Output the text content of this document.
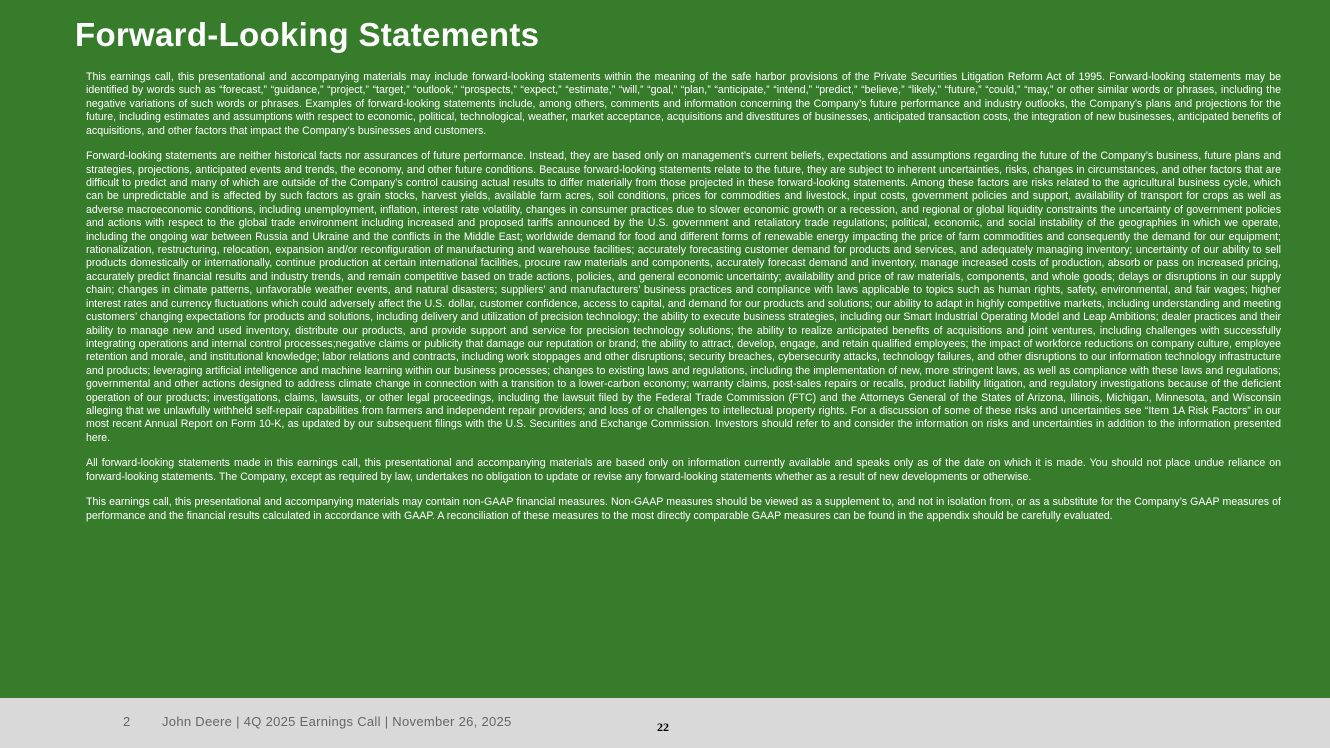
Forward-Looking Statements

This earnings call, this presentational and accompanying materials may include forward-looking statements within the meaning of the safe harbor provisions of the Private Securities Litigation Reform Act of 1995. Forward-looking statements may be identified by words such as “forecast,” “guidance,” “project,” “target,” “outlook,” “prospects,” “expect,” “estimate,” “will,” “goal,” “plan,” “anticipate,” “intend,” “predict,” “believe,” “likely,” “future,” “could,” “may,” or other similar words or phrases, including the negative variations of such words or phrases. Examples of forward-looking statements include, among others, comments and information concerning the Company’s future performance and industry outlooks, the Company’s plans and projections for the future, including estimates and assumptions with respect to economic, political, technological, weather, market acceptance, acquisitions and divestitures of businesses, anticipated transaction costs, the integration of new businesses, anticipated benefits of acquisitions, and other factors that impact the Company’s businesses and customers.

Forward-looking statements are neither historical facts nor assurances of future performance. Instead, they are based only on management’s current beliefs, expectations and assumptions regarding the future of the Company’s business, future plans and strategies, projections, anticipated events and trends, the economy, and other future conditions. Because forward-looking statements relate to the future, they are subject to inherent uncertainties, risks, changes in circumstances, and other factors that are difficult to predict and many of which are outside of the Company’s control causing actual results to differ materially from those projected in these forward-looking statements. Among these factors are risks related to the agricultural business cycle, which can be unpredictable and is affected by such factors as grain stocks, harvest yields, available farm acres, soil conditions, prices for commodities and livestock, input costs, government policies and support, availability of transport for crops as well as adverse macroeconomic conditions, including unemployment, inflation, interest rate volatility, changes in consumer practices due to slower economic growth or a recession, and regional or global liquidity constraints the uncertainty of government policies and actions with respect to the global trade environment including increased and proposed tariffs announced by the U.S. government and retaliatory trade regulations; political, economic, and social instability of the geographies in which we operate, including the ongoing war between Russia and Ukraine and the conflicts in the Middle East; worldwide demand for food and different forms of renewable energy impacting the price of farm commodities and consequently the demand for our equipment; rationalization, restructuring, relocation, expansion and/or reconfiguration of manufacturing and warehouse facilities; accurately forecasting customer demand for products and services, and adequately managing inventory; uncertainty of our ability to sell products domestically or internationally, continue production at certain international facilities, procure raw materials and components, accurately forecast demand and inventory, manage increased costs of production, absorb or pass on increased pricing, accurately predict financial results and industry trends, and remain competitive based on trade actions, policies, and general economic uncertainty; availability and price of raw materials, components, and whole goods; delays or disruptions in our supply chain; changes in climate patterns, unfavorable weather events, and natural disasters; suppliers’ and manufacturers’ business practices and compliance with laws applicable to topics such as human rights, safety, environmental, and fair wages; higher interest rates and currency fluctuations which could adversely affect the U.S. dollar, customer confidence, access to capital, and demand for our products and solutions; our ability to adapt in highly competitive markets, including understanding and meeting customers’ changing expectations for products and solutions, including delivery and utilization of precision technology; the ability to execute business strategies, including our Smart Industrial Operating Model and Leap Ambitions; dealer practices and their ability to manage new and used inventory, distribute our products, and provide support and service for precision technology solutions; the ability to realize anticipated benefits of acquisitions and joint ventures, including challenges with successfully integrating operations and internal control processes;negative claims or publicity that damage our reputation or brand; the ability to attract, develop, engage, and retain qualified employees; the impact of workforce reductions on company culture, employee retention and morale, and institutional knowledge; labor relations and contracts, including work stoppages and other disruptions; security breaches, cybersecurity attacks, technology failures, and other disruptions to our information technology infrastructure and products; leveraging artificial intelligence and machine learning within our business processes; changes to existing laws and regulations, including the implementation of new, more stringent laws, as well as compliance with these laws and regulations; governmental and other actions designed to address climate change in connection with a transition to a lower-carbon economy; warranty claims, post-sales repairs or recalls, product liability litigation, and regulatory investigations because of the deficient operation of our products; investigations, claims, lawsuits, or other legal proceedings, including the lawsuit filed by the Federal Trade Commission (FTC) and the Attorneys General of the States of Arizona, Illinois, Michigan, Minnesota, and Wisconsin alleging that we unlawfully withheld self-repair capabilities from farmers and independent repair providers; and loss of or challenges to intellectual property rights. For a discussion of some of these risks and uncertainties see “Item 1A Risk Factors” in our most recent Annual Report on Form 10-K, as updated by our subsequent filings with the U.S. Securities and Exchange Commission. Investors should refer to and consider the information on risks and uncertainties in addition to the information presented here.

All forward-looking statements made in this earnings call, this presentational and accompanying materials are based only on information currently available and speaks only as of the date on which it is made. You should not place undue reliance on forward-looking statements. The Company, except as required by law, undertakes no obligation to update or revise any forward-looking statements whether as a result of new developments or otherwise.

This earnings call, this presentational and accompanying materials may contain non-GAAP financial measures. Non-GAAP measures should be viewed as a supplement to, and not in isolation from, or as a substitute for the Company’s GAAP measures of performance and the financial results calculated in accordance with GAAP. A reconciliation of these measures to the most directly comparable GAAP measures can be found in the appendix should be carefully evaluated.

2 John Deere | 4Q 2025 Earnings Call | November 26, 2025	22
